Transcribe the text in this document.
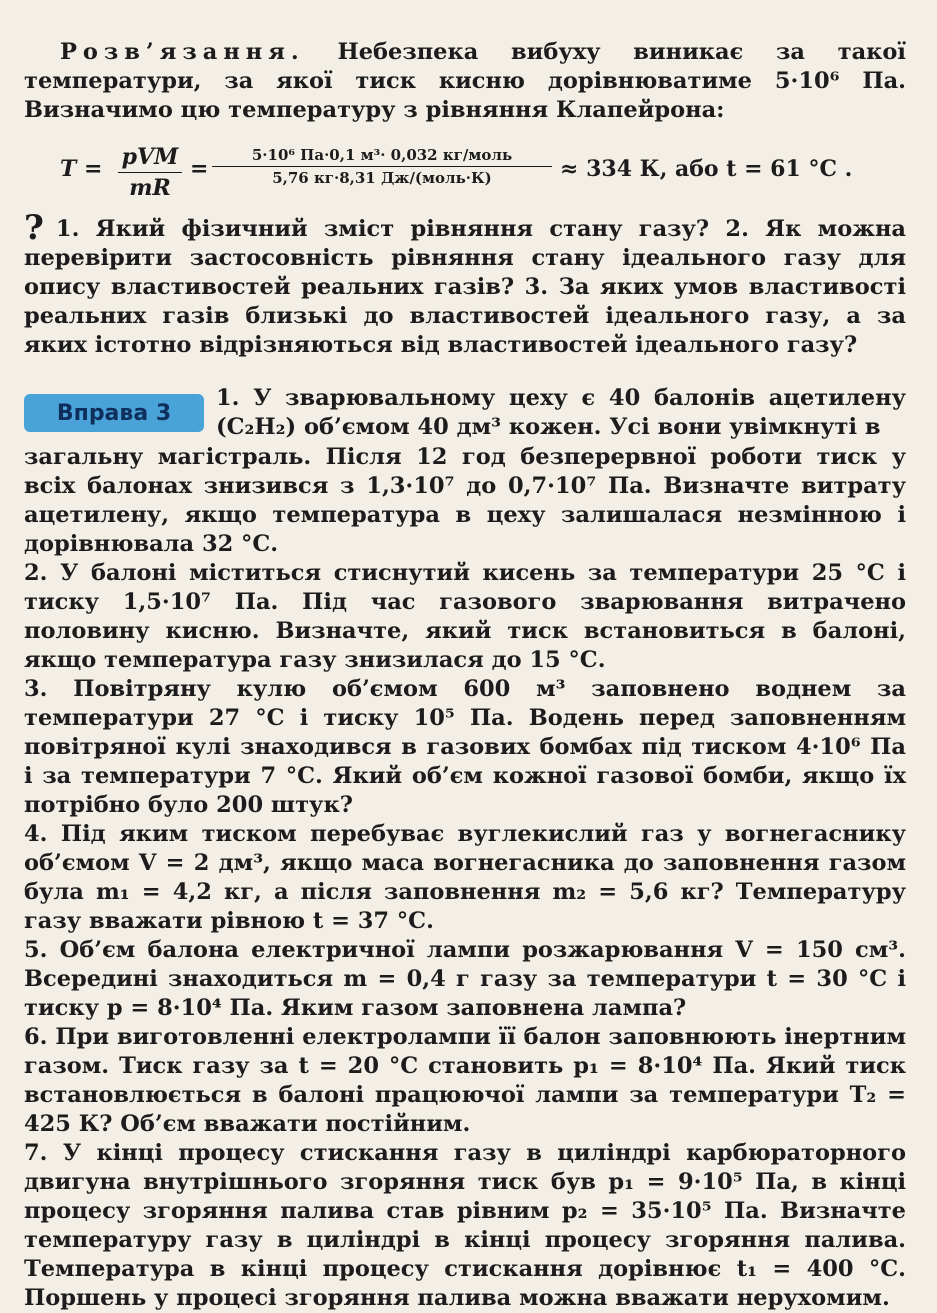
Розв’язання. Небезпека вибуху виникає за такої температури, за якої тиск кисню дорівнюватиме 5·10⁶ Па. Визначимо цю температуру з рівняння Клапейрона:

T = pVM
mR
=
5·10⁶ Па·0,1 м³· 0,032 кг/моль
5,76 кг·8,31 Дж/(моль·К)	≈ 334 К, або t = 61 °С .

? 1. Який фізичний зміст рівняння стану газу? 2. Як можна перевірити застосовність рівняння стану ідеального газу для опису властивостей реальних газів? 3. За яких умов властивості реальних газів близькі до властивостей ідеального газу, а за яких істотно відрізняються від властивостей ідеального газу?

Вправа 3

1. У зварювальному цеху є 40 балонів ацетилену (C₂H₂) об’ємом 40 дм³ кожен. Усі вони увімкнуті в

загальну магістраль. Після 12 год безперервної роботи тиск у всіх балонах знизився з 1,3·10⁷ до 0,7·10⁷ Па. Визначте витрату ацетилену, якщо температура в цеху залишалася незмінною і дорівнювала 32 °С.

2. У балоні міститься стиснутий кисень за температури 25 °С і тиску 1,5·10⁷ Па. Під час газового зварювання витрачено половину кисню. Визначте, який тиск встановиться в балоні, якщо температура газу знизилася до 15 °С.

3. Повітряну кулю об’ємом 600 м³ заповнено воднем за температури 27 °С і тиску 10⁵ Па. Водень перед заповненням повітряної кулі знаходився в газових бомбах під тиском 4·10⁶ Па і за температури 7 °С. Який об’єм кожної газової бомби, якщо їх потрібно було 200 штук?

4. Під яким тиском перебуває вуглекислий газ у вогнегаснику об’ємом V = 2 дм³, якщо маса вогнегасника до заповнення газом була m₁ = 4,2 кг, а після заповнення m₂ = 5,6 кг? Температуру газу вважати рівною t = 37 °С.

5. Об’єм балона електричної лампи розжарювання V = 150 см³. Всередині знаходиться m = 0,4 г газу за температури t = 30 °С і тиску p = 8·10⁴ Па. Яким газом заповнена лампа?

6. При виготовленні електролампи її балон заповнюють інертним газом. Тиск газу за t = 20 °С становить p₁ = 8·10⁴ Па. Який тиск встановлюється в балоні працюючої лампи за температури T₂ = 425 К? Об’єм вважати постійним.

7. У кінці процесу стискання газу в циліндрі карбюраторного двигуна внутрішнього згоряння тиск був p₁ = 9·10⁵ Па, в кінці процесу згоряння палива став рівним p₂ = 35·10⁵ Па. Визначте температуру газу в циліндрі в кінці процесу згоряння палива. Температура в кінці процесу стискання дорівнює t₁ = 400 °С. Поршень у процесі згоряння палива можна вважати нерухомим.
